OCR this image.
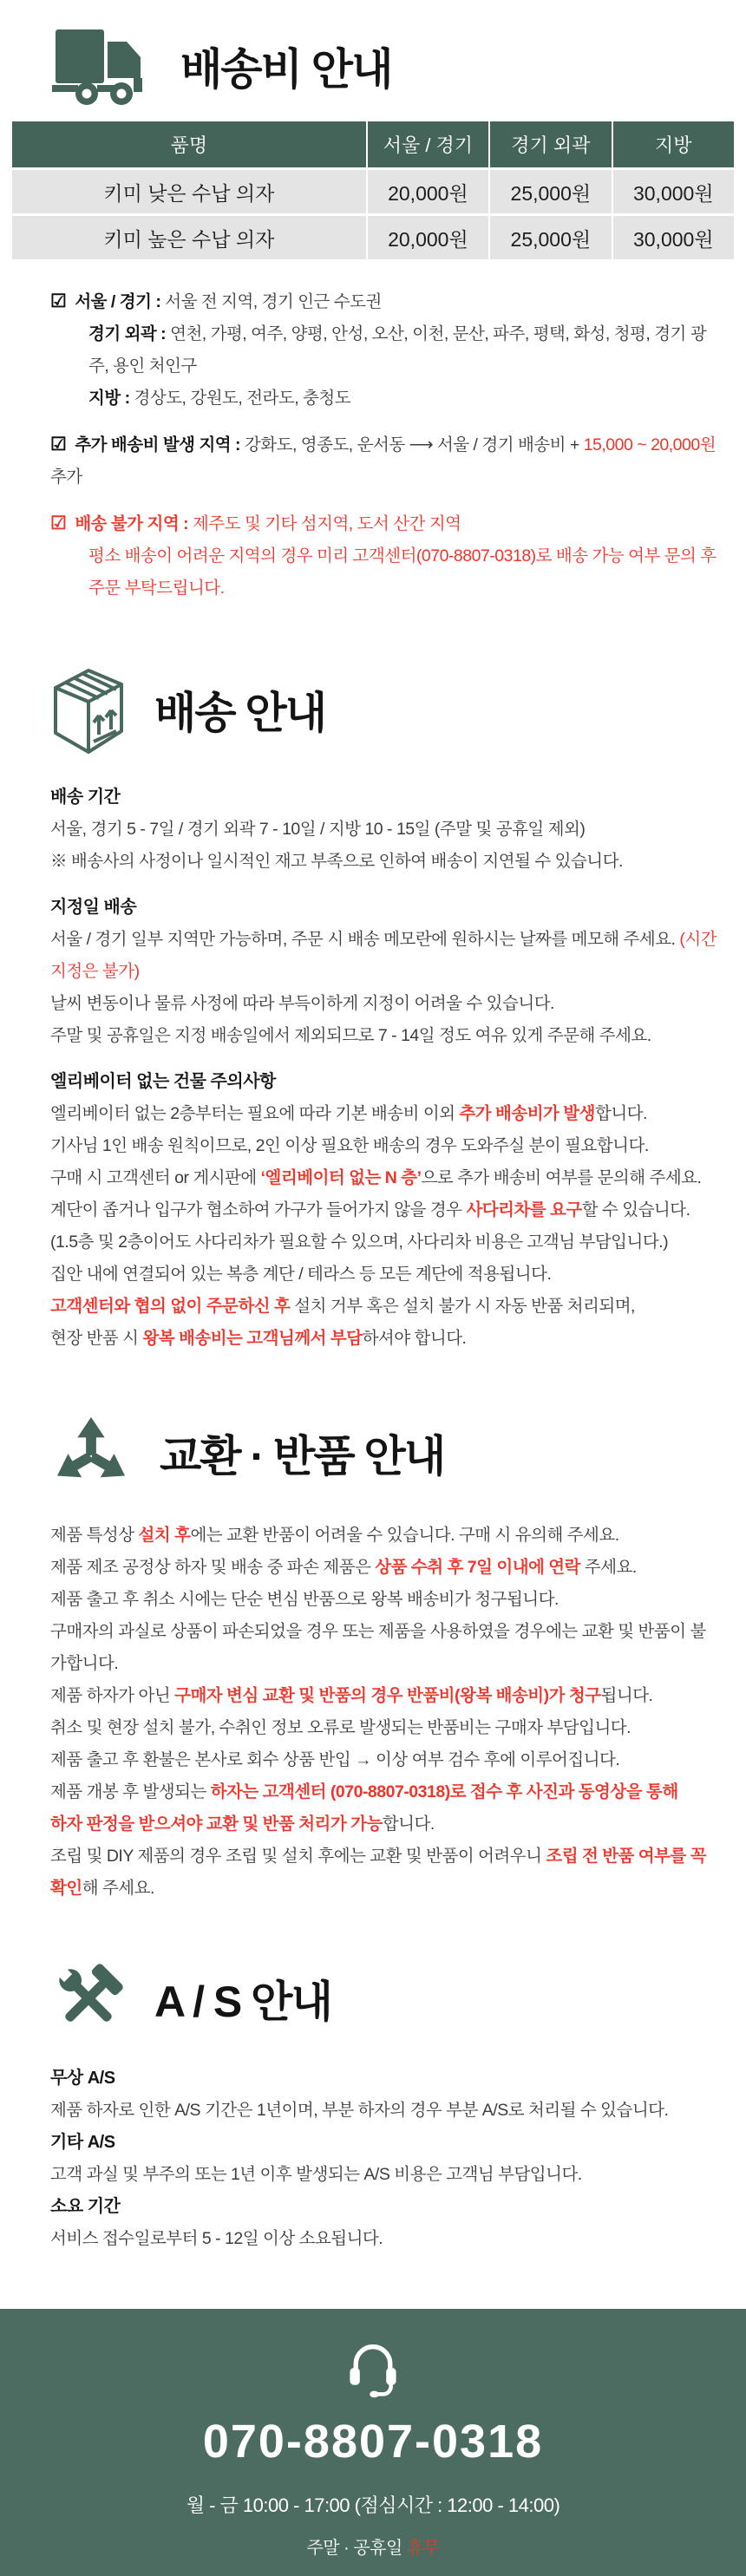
배송비 안내
품명	서울 / 경기	경기 외곽	지방
키미 낮은 수납 의자	20,000원	25,000원	30,000원
키미 높은 수납 의자	20,000원	25,000원	30,000원
☑ 서울 / 경기 : 서울 전 지역, 경기 인근 수도권
경기 외곽 : 연천, 가평, 여주, 양평, 안성, 오산, 이천, 문산, 파주, 평택, 화성, 청평, 경기 광주, 용인 처인구
지방 : 경상도, 강원도, 전라도, 충청도
☑ 추가 배송비 발생 지역 : 강화도, 영종도, 운서동 ⟶ 서울 / 경기 배송비 + 15,000 ~ 20,000원 추가
☑ 배송 불가 지역 : 제주도 및 기타 섬지역, 도서 산간 지역
평소 배송이 어려운 지역의 경우 미리 고객센터(070-8807-0318)로 배송 가능 여부 문의 후 주문 부탁드립니다.
배송 안내
배송 기간
서울, 경기 5 - 7일 / 경기 외곽 7 - 10일 / 지방 10 - 15일 (주말 및 공휴일 제외)
※ 배송사의 사정이나 일시적인 재고 부족으로 인하여 배송이 지연될 수 있습니다.
지정일 배송
서울 / 경기 일부 지역만 가능하며, 주문 시 배송 메모란에 원하시는 날짜를 메모해 주세요. (시간 지정은 불가)
날씨 변동이나 물류 사정에 따라 부득이하게 지정이 어려울 수 있습니다.
주말 및 공휴일은 지정 배송일에서 제외되므로 7 - 14일 정도 여유 있게 주문해 주세요.
엘리베이터 없는 건물 주의사항
엘리베이터 없는 2층부터는 필요에 따라 기본 배송비 이외 추가 배송비가 발생합니다.
기사님 1인 배송 원칙이므로, 2인 이상 필요한 배송의 경우 도와주실 분이 필요합니다.
구매 시 고객센터 or 게시판에 ‘엘리베이터 없는 N 층’으로 추가 배송비 여부를 문의해 주세요.
계단이 좁거나 입구가 협소하여 가구가 들어가지 않을 경우 사다리차를 요구할 수 있습니다.
(1.5층 및 2층이어도 사다리차가 필요할 수 있으며, 사다리차 비용은 고객님 부담입니다.)
집안 내에 연결되어 있는 복층 계단 / 테라스 등 모든 계단에 적용됩니다.
고객센터와 협의 없이 주문하신 후 설치 거부 혹은 설치 불가 시 자동 반품 처리되며,
현장 반품 시 왕복 배송비는 고객님께서 부담하셔야 합니다.
교환 · 반품 안내
제품 특성상 설치 후에는 교환 반품이 어려울 수 있습니다. 구매 시 유의해 주세요.
제품 제조 공정상 하자 및 배송 중 파손 제품은 상품 수취 후 7일 이내에 연락 주세요.
제품 출고 후 취소 시에는 단순 변심 반품으로 왕복 배송비가 청구됩니다.
구매자의 과실로 상품이 파손되었을 경우 또는 제품을 사용하였을 경우에는 교환 및 반품이 불가합니다.
제품 하자가 아닌 구매자 변심 교환 및 반품의 경우 반품비(왕복 배송비)가 청구됩니다.
취소 및 현장 설치 불가, 수취인 정보 오류로 발생되는 반품비는 구매자 부담입니다.
제품 출고 후 환불은 본사로 회수 상품 반입 → 이상 여부 검수 후에 이루어집니다.
제품 개봉 후 발생되는 하자는 고객센터 (070-8807-0318)로 접수 후 사진과 동영상을 통해
하자 판정을 받으셔야 교환 및 반품 처리가 가능합니다.
조립 및 DIY 제품의 경우 조립 및 설치 후에는 교환 및 반품이 어려우니 조립 전 반품 여부를 꼭 확인해 주세요.
A / S 안내
무상 A/S
제품 하자로 인한 A/S 기간은 1년이며, 부분 하자의 경우 부분 A/S로 처리될 수 있습니다.
기타 A/S
고객 과실 및 부주의 또는 1년 이후 발생되는 A/S 비용은 고객님 부담입니다.
소요 기간
서비스 접수일로부터 5 - 12일 이상 소요됩니다.
070-8807-0318
월 - 금 10:00 - 17:00 (점심시간 : 12:00 - 14:00)
주말 · 공휴일 휴무
